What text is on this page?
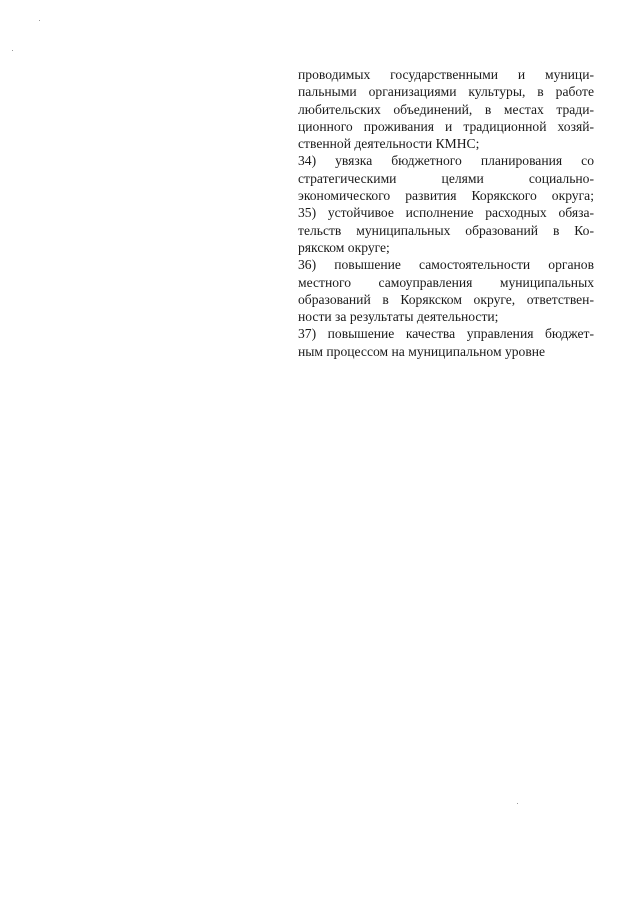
проводимых государственными и муници-
пальными организациями культуры, в работе
любительских объединений, в местах тради-
ционного проживания и традиционной хозяй-
ственной деятельности КМНС;
34) увязка бюджетного планирования со
стратегическими целями социально-
экономического развития Корякского округа;
35) устойчивое исполнение расходных обяза-
тельств муниципальных образований в Ко-
рякском округе;
36) повышение самостоятельности органов
местного самоуправления муниципальных
образований в Корякском округе, ответствен-
ности за результаты деятельности;
37) повышение качества управления бюджет-
ным процессом на муниципальном уровне
